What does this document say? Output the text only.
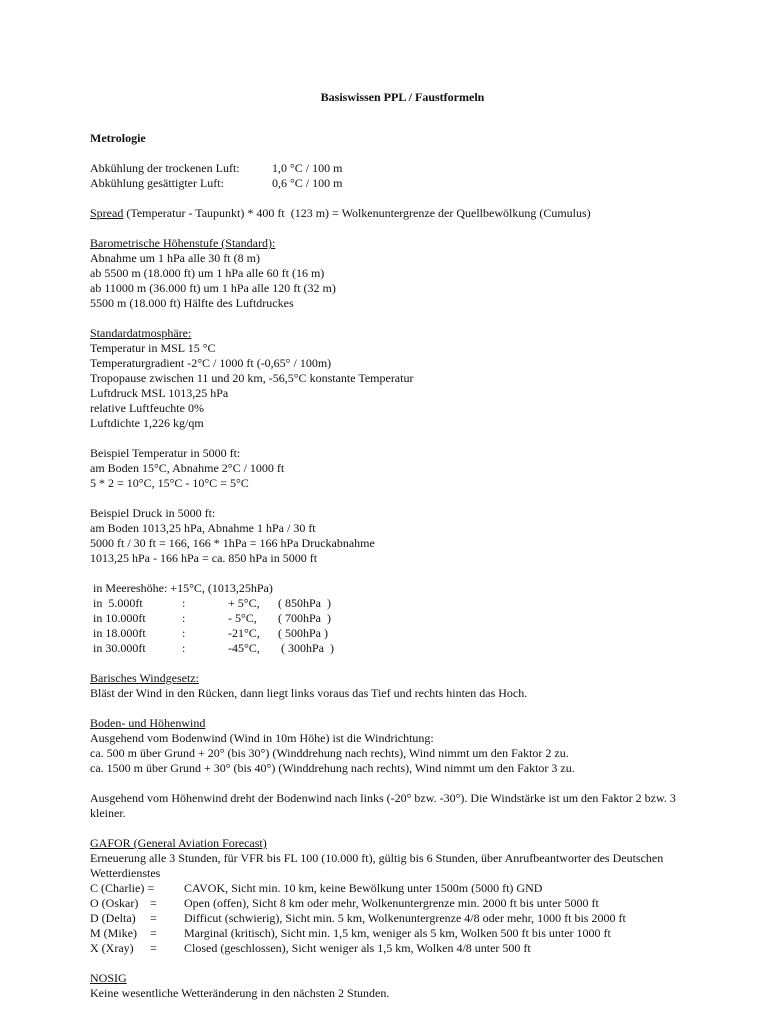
Basiswissen PPL / Faustformeln
Metrologie
Abkühlung der trockenen Luft:	1,0 °C / 100 m
Abkühlung gesättigter Luft:	0,6 °C / 100 m
Spread (Temperatur - Taupunkt) * 400 ft  (123 m) = Wolkenuntergrenze der Quellbewölkung (Cumulus)
Barometrische Höhenstufe (Standard):
Abnahme um 1 hPa alle 30 ft (8 m)
ab 5500 m (18.000 ft) um 1 hPa alle 60 ft (16 m)
ab 11000 m (36.000 ft) um 1 hPa alle 120 ft (32 m)
5500 m (18.000 ft) Hälfte des Luftdruckes
Standardatmosphäre:
Temperatur in MSL 15 °C
Temperaturgradient -2°C / 1000 ft (-0,65° / 100m)
Tropopause zwischen 11 und 20 km, -56,5°C konstante Temperatur
Luftdruck MSL 1013,25 hPa
relative Luftfeuchte 0%
Luftdichte 1,226 kg/qm
Beispiel Temperatur in 5000 ft:
am Boden 15°C, Abnahme 2°C / 1000 ft
5 * 2 = 10°C, 15°C - 10°C = 5°C
Beispiel Druck in 5000 ft:
am Boden 1013,25 hPa, Abnahme 1 hPa / 30 ft
5000 ft / 30 ft = 166, 166 * 1hPa = 166 hPa Druckabnahme
1013,25 hPa - 166 hPa = ca. 850 hPa in 5000 ft
in Meereshöhe: +15°C, (1013,25hPa)
in  5.000ft	:	+ 5°C,	( 850hPa  )
in 10.000ft	:	- 5°C,	( 700hPa  )
in 18.000ft	:	-21°C,	( 500hPa )
in 30.000ft	:	-45°C,	( 300hPa  )
Barisches Windgesetz:
Bläst der Wind in den Rücken, dann liegt links voraus das Tief und rechts hinten das Hoch.
Boden- und Höhenwind
Ausgehend vom Bodenwind (Wind in 10m Höhe) ist die Windrichtung:
ca. 500 m über Grund + 20° (bis 30°) (Winddrehung nach rechts), Wind nimmt um den Faktor 2 zu.
ca. 1500 m über Grund + 30° (bis 40°) (Winddrehung nach rechts), Wind nimmt um den Faktor 3 zu.
Ausgehend vom Höhenwind dreht der Bodenwind nach links (-20° bzw. -30°). Die Windstärke ist um den Faktor 2 bzw. 3 kleiner.
GAFOR (General Aviation Forecast)
Erneuerung alle 3 Stunden, für VFR bis FL 100 (10.000 ft), gültig bis 6 Stunden, über Anrufbeantworter des Deutschen Wetterdienstes
C (Charlie) =	CAVOK, Sicht min. 10 km, keine Bewölkung unter 1500m (5000 ft) GND
O (Oskar) =	Open (offen), Sicht 8 km oder mehr, Wolkenuntergrenze min. 2000 ft bis unter 5000 ft
D (Delta)	=	Difficut (schwierig), Sicht min. 5 km, Wolkenuntergrenze 4/8 oder mehr, 1000 ft bis 2000 ft
M (Mike)	=	Marginal (kritisch), Sicht min. 1,5 km, weniger als 5 km, Wolken 500 ft bis unter 1000 ft
X (Xray)	=	Closed (geschlossen), Sicht weniger als 1,5 km, Wolken 4/8 unter 500 ft
NOSIG
Keine wesentliche Wetteränderung in den nächsten 2 Stunden.
